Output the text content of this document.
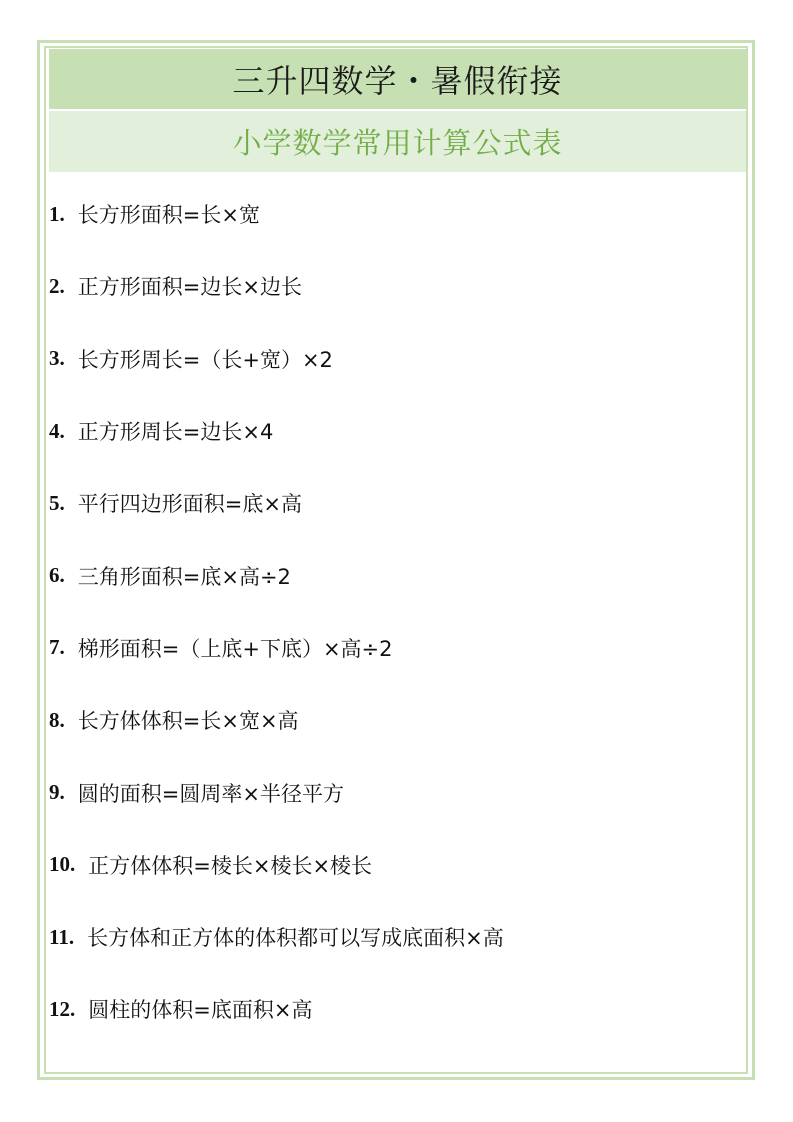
三升四数学・暑假衔接
小学数学常用计算公式表
1. 长方形面积=长×宽
2. 正方形面积=边长×边长
3. 长方形周长=（长+宽）×2
4. 正方形周长=边长×4
5. 平行四边形面积=底×高
6. 三角形面积=底×高÷2
7. 梯形面积=（上底+下底）×高÷2
8. 长方体体积=长×宽×高
9. 圆的面积=圆周率×半径平方
10. 正方体体积=棱长×棱长×棱长
11. 长方体和正方体的体积都可以写成底面积×高
12. 圆柱的体积=底面积×高
